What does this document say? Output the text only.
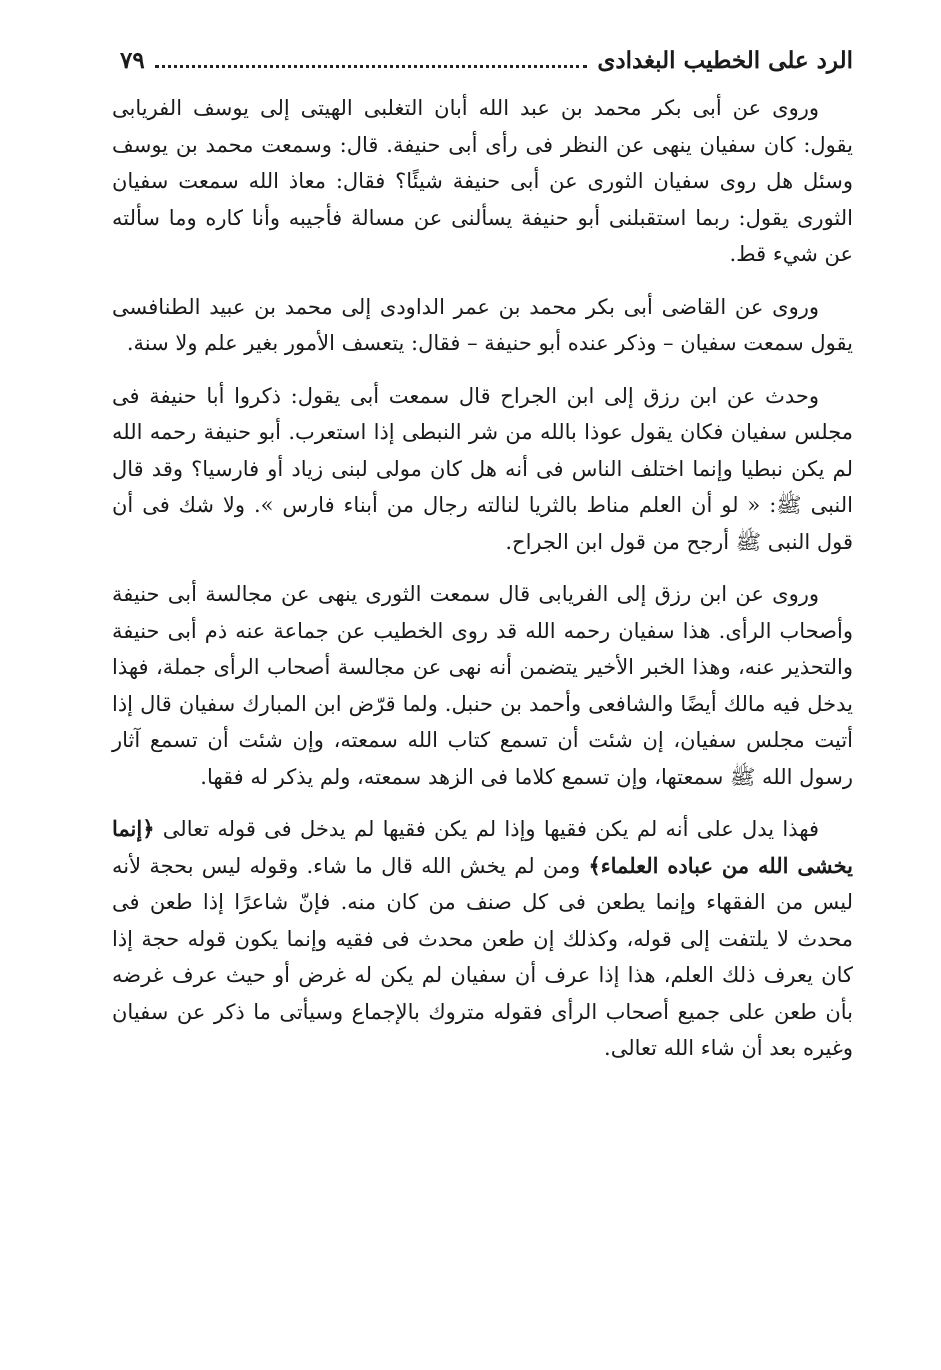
الرد على الخطيب البغدادى
٧٩

وروى عن أبى بكر محمد بن عبد الله أبان التغلبى الهيتى إلى يوسف الفريابى يقول: كان سفيان ينهى عن النظر فى رأى أبى حنيفة. قال: وسمعت محمد بن يوسف وسئل هل روى سفيان الثورى عن أبى حنيفة شيئًا؟ فقال: معاذ الله سمعت سفيان الثورى يقول: ربما استقبلنى أبو حنيفة يسألنى عن مسالة فأجيبه وأنا كاره وما سألته عن شيء قط.

وروى عن القاضى أبى بكر محمد بن عمر الداودى إلى محمد بن عبيد الطنافسى يقول سمعت سفيان – وذكر عنده أبو حنيفة – فقال: يتعسف الأمور بغير علم ولا سنة.

وحدث عن ابن رزق إلى ابن الجراح قال سمعت أبى يقول: ذكروا أبا حنيفة فى مجلس سفيان فكان يقول عوذا بالله من شر النبطى إذا استعرب. أبو حنيفة رحمه الله لم يكن نبطيا وإنما اختلف الناس فى أنه هل كان مولى لبنى زياد أو فارسيا؟ وقد قال النبى ﷺ: « لو أن العلم مناط بالثريا لنالته رجال من أبناء فارس ». ولا شك فى أن قول النبى ﷺ أرجح من قول ابن الجراح.

وروى عن ابن رزق إلى الفريابى قال سمعت الثورى ينهى عن مجالسة أبى حنيفة وأصحاب الرأى. هذا سفيان رحمه الله قد روى الخطيب عن جماعة عنه ذم أبى حنيفة والتحذير عنه، وهذا الخبر الأخير يتضمن أنه نهى عن مجالسة أصحاب الرأى جملة، فهذا يدخل فيه مالك أيضًا والشافعى وأحمد بن حنبل. ولما قرّض ابن المبارك سفيان قال إذا أتيت مجلس سفيان، إن شئت أن تسمع كتاب الله سمعته، وإن شئت أن تسمع آثار رسول الله ﷺ سمعتها، وإن تسمع كلاما فى الزهد سمعته، ولم يذكر له فقها.

فهذا يدل على أنه لم يكن فقيها وإذا لم يكن فقيها لم يدخل فى قوله تعالى ﴿إنما يخشى الله من عباده العلماء﴾ ومن لم يخش الله قال ما شاء. وقوله ليس بحجة لأنه ليس من الفقهاء وإنما يطعن فى كل صنف من كان منه. فإنّ شاعرًا إذا طعن فى محدث لا يلتفت إلى قوله، وكذلك إن طعن محدث فى فقيه وإنما يكون قوله حجة إذا كان يعرف ذلك العلم، هذا إذا عرف أن سفيان لم يكن له غرض أو حيث عرف غرضه بأن طعن على جميع أصحاب الرأى فقوله متروك بالإجماع وسيأتى ما ذكر عن سفيان وغيره بعد أن شاء الله تعالى.
